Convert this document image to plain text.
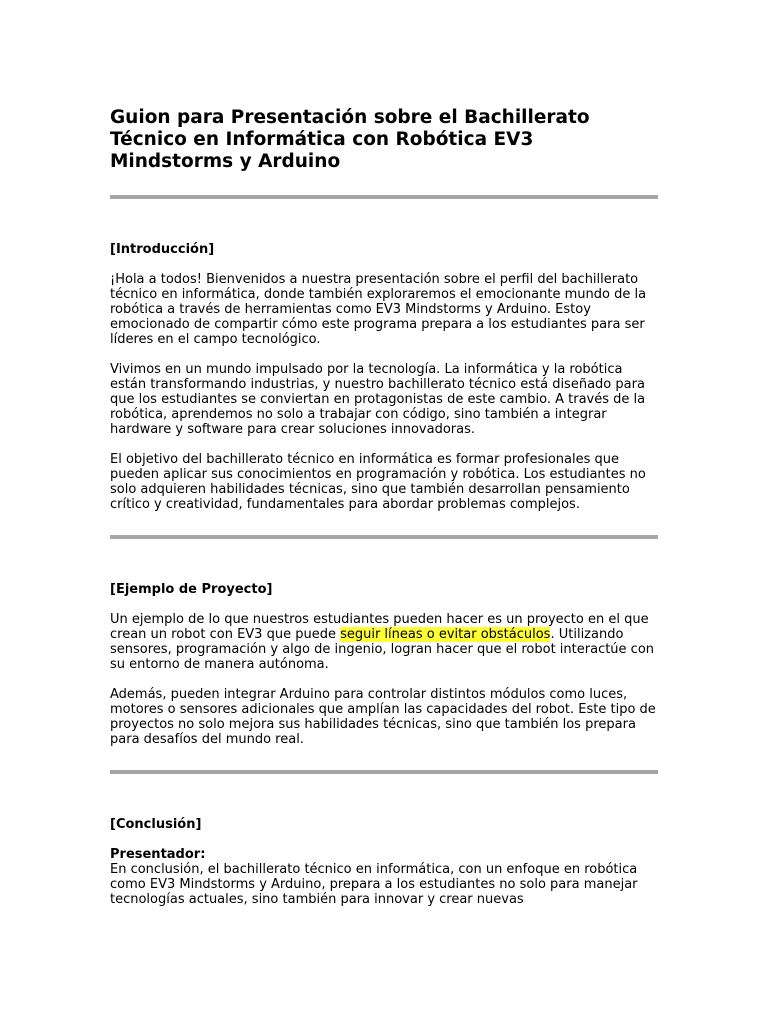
Guion para Presentación sobre el Bachillerato Técnico en Informática con Robótica EV3 Mindstorms y Arduino

[Introducción]

¡Hola a todos! Bienvenidos a nuestra presentación sobre el perfil del bachillerato técnico en informática, donde también exploraremos el emocionante mundo de la robótica a través de herramientas como EV3 Mindstorms y Arduino. Estoy emocionado de compartir cómo este programa prepara a los estudiantes para ser líderes en el campo tecnológico.

Vivimos en un mundo impulsado por la tecnología. La informática y la robótica están transformando industrias, y nuestro bachillerato técnico está diseñado para que los estudiantes se conviertan en protagonistas de este cambio. A través de la robótica, aprendemos no solo a trabajar con código, sino también a integrar hardware y software para crear soluciones innovadoras.

El objetivo del bachillerato técnico en informática es formar profesionales que pueden aplicar sus conocimientos en programación y robótica. Los estudiantes no solo adquieren habilidades técnicas, sino que también desarrollan pensamiento crítico y creatividad, fundamentales para abordar problemas complejos.

[Ejemplo de Proyecto]

Un ejemplo de lo que nuestros estudiantes pueden hacer es un proyecto en el que crean un robot con EV3 que puede seguir líneas o evitar obstáculos. Utilizando sensores, programación y algo de ingenio, logran hacer que el robot interactúe con su entorno de manera autónoma.

Además, pueden integrar Arduino para controlar distintos módulos como luces, motores o sensores adicionales que amplían las capacidades del robot. Este tipo de proyectos no solo mejora sus habilidades técnicas, sino que también los prepara para desafíos del mundo real.

[Conclusión]

Presentador:

En conclusión, el bachillerato técnico en informática, con un enfoque en robótica como EV3 Mindstorms y Arduino, prepara a los estudiantes no solo para manejar tecnologías actuales, sino también para innovar y crear nuevas
